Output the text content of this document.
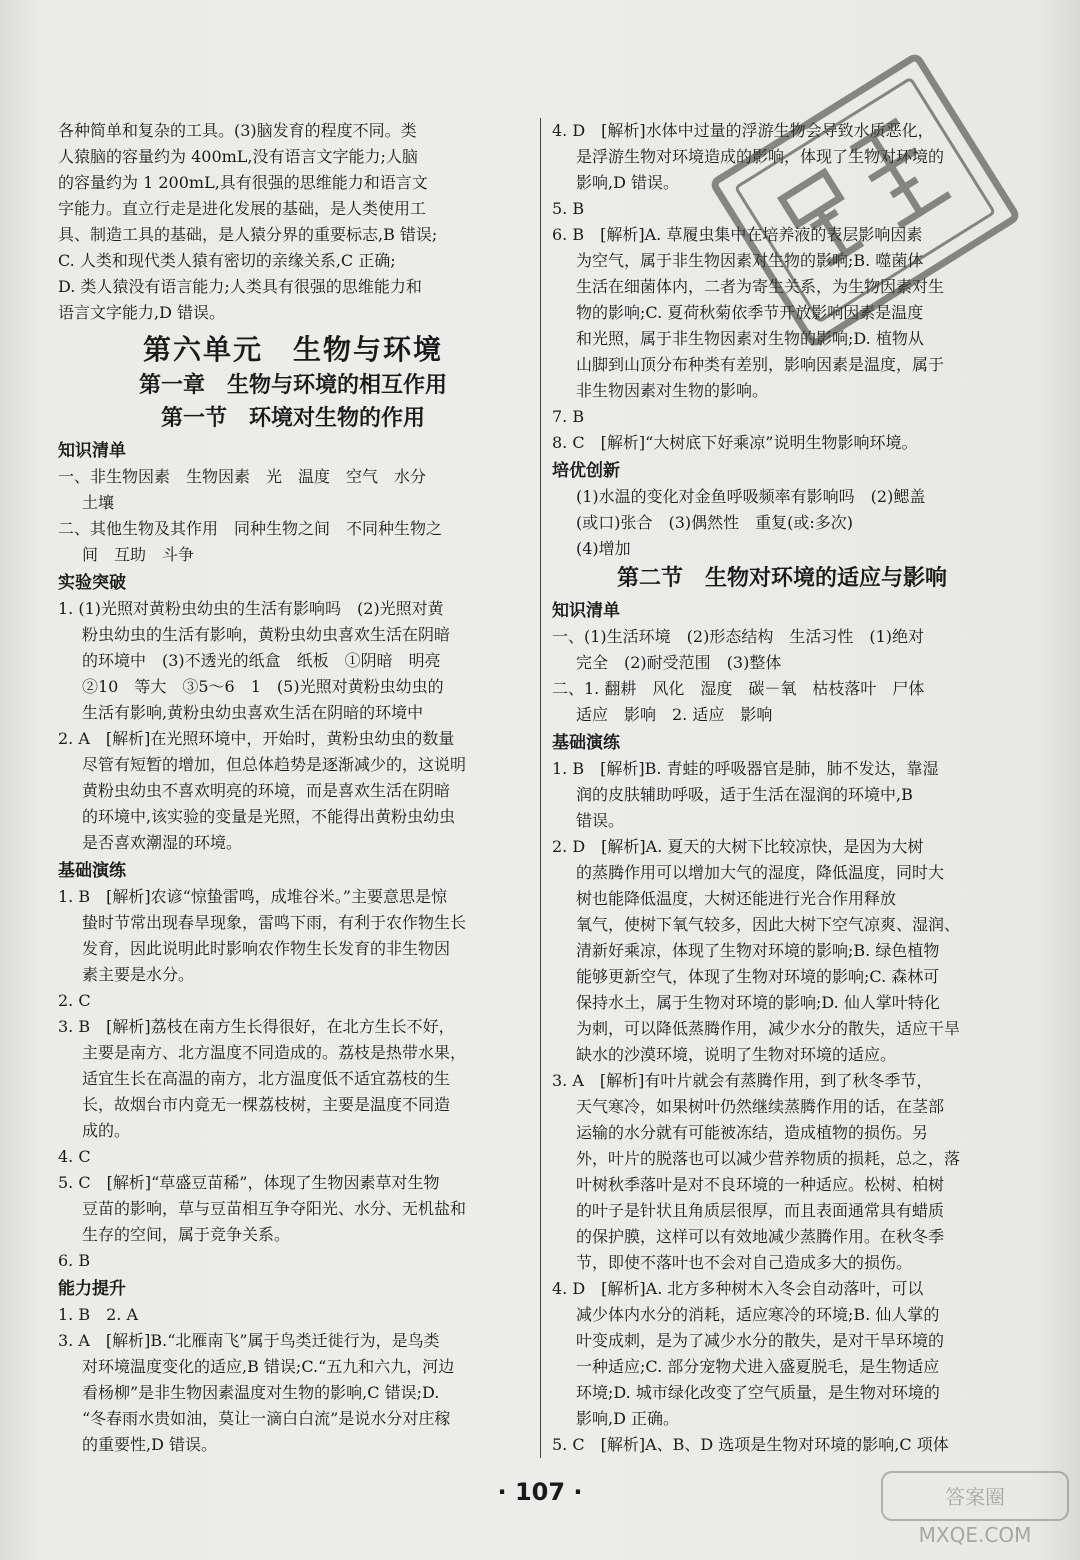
各种简单和复杂的工具。(3)脑发育的程度不同。类
人猿脑的容量约为 400mL,没有语言文字能力;人脑
的容量约为 1 200mL,具有很强的思维能力和语言文
字能力。直立行走是进化发展的基础，是人类使用工
具、制造工具的基础，是人猿分界的重要标志,B 错误;
C. 人类和现代类人猿有密切的亲缘关系,C 正确;
D. 类人猿没有语言能力;人类具有很强的思维能力和
语言文字能力,D 错误。
第六单元　生物与环境
第一章　生物与环境的相互作用
第一节　环境对生物的作用
知识清单
一、非生物因素　生物因素　光　温度　空气　水分
土壤
二、其他生物及其作用　同种生物之间　不同种生物之
间　互助　斗争
实验突破
1. (1)光照对黄粉虫幼虫的生活有影响吗　(2)光照对黄
粉虫幼虫的生活有影响，黄粉虫幼虫喜欢生活在阴暗
的环境中　(3)不透光的纸盒　纸板　①阴暗　明亮
②10　等大　③5～6　1　(5)光照对黄粉虫幼虫的
生活有影响,黄粉虫幼虫喜欢生活在阴暗的环境中
2. A　[解析]在光照环境中，开始时，黄粉虫幼虫的数量
尽管有短暂的增加，但总体趋势是逐渐减少的，这说明
黄粉虫幼虫不喜欢明亮的环境，而是喜欢生活在阴暗
的环境中,该实验的变量是光照，不能得出黄粉虫幼虫
是否喜欢潮湿的环境。
基础演练
1. B　[解析]农谚“惊蛰雷鸣，成堆谷米。”主要意思是惊
蛰时节常出现春旱现象，雷鸣下雨，有利于农作物生长
发育，因此说明此时影响农作物生长发育的非生物因
素主要是水分。
2. C
3. B　[解析]荔枝在南方生长得很好，在北方生长不好，
主要是南方、北方温度不同造成的。荔枝是热带水果，
适宜生长在高温的南方，北方温度低不适宜荔枝的生
长，故烟台市内竟无一棵荔枝树，主要是温度不同造
成的。
4. C
5. C　[解析]“草盛豆苗稀”，体现了生物因素草对生物
豆苗的影响，草与豆苗相互争夺阳光、水分、无机盐和
生存的空间，属于竞争关系。
6. B
能力提升
1. B　2. A
3. A　[解析]B.“北雁南飞”属于鸟类迁徙行为，是鸟类
对环境温度变化的适应,B 错误;C.“五九和六九，河边
看杨柳”是非生物因素温度对生物的影响,C 错误;D.
“冬春雨水贵如油，莫让一滴白白流”是说水分对庄稼
的重要性,D 错误。
4. D　[解析]水体中过量的浮游生物会导致水质恶化，
是浮游生物对环境造成的影响，体现了生物对环境的
影响,D 错误。
5. B
6. B　[解析]A. 草履虫集中在培养液的表层影响因素
为空气，属于非生物因素对生物的影响;B. 噬菌体
生活在细菌体内，二者为寄生关系，为生物因素对生
物的影响;C. 夏荷秋菊依季节开放影响因素是温度
和光照，属于非生物因素对生物的影响;D. 植物从
山脚到山顶分布种类有差别，影响因素是温度，属于
非生物因素对生物的影响。
7. B
8. C　[解析]“大树底下好乘凉”说明生物影响环境。
培优创新
(1)水温的变化对金鱼呼吸频率有影响吗　(2)鳃盖
(或口)张合　(3)偶然性　重复(或:多次)
(4)增加
第二节　生物对环境的适应与影响
知识清单
一、(1)生活环境　(2)形态结构　生活习性　(1)绝对
完全　(2)耐受范围　(3)整体
二、1. 翻耕　风化　湿度　碳－氧　枯枝落叶　尸体
适应　影响　2. 适应　影响
基础演练
1. B　[解析]B. 青蛙的呼吸器官是肺，肺不发达，靠湿
润的皮肤辅助呼吸，适于生活在湿润的环境中,B
错误。
2. D　[解析]A. 夏天的大树下比较凉快，是因为大树
的蒸腾作用可以增加大气的湿度，降低温度，同时大
树也能降低温度，大树还能进行光合作用释放
氧气，使树下氧气较多，因此大树下空气凉爽、湿润、
清新好乘凉，体现了生物对环境的影响;B. 绿色植物
能够更新空气，体现了生物对环境的影响;C. 森林可
保持水土，属于生物对环境的影响;D. 仙人掌叶特化
为刺，可以降低蒸腾作用，减少水分的散失，适应干旱
缺水的沙漠环境，说明了生物对环境的适应。
3. A　[解析]有叶片就会有蒸腾作用，到了秋冬季节，
天气寒冷，如果树叶仍然继续蒸腾作用的话，在茎部
运输的水分就有可能被冻结，造成植物的损伤。另
外，叶片的脱落也可以减少营养物质的损耗，总之，落
叶树秋季落叶是对不良环境的一种适应。松树、柏树
的叶子是针状且角质层很厚，而且表面通常具有蜡质
的保护膜，这样可以有效地减少蒸腾作用。在秋冬季
节，即使不落叶也不会对自己造成多大的损伤。
4. D　[解析]A. 北方多种树木入冬会自动落叶，可以
减少体内水分的消耗，适应寒冷的环境;B. 仙人掌的
叶变成刺，是为了减少水分的散失，是对干旱环境的
一种适应;C. 部分宠物犬进入盛夏脱毛，是生物适应
环境;D. 城市绿化改变了空气质量，是生物对环境的
影响,D 正确。
5. C　[解析]A、B、D 选项是生物对环境的影响,C 项体
· 107 ·	答案圈
MXQE.COM
